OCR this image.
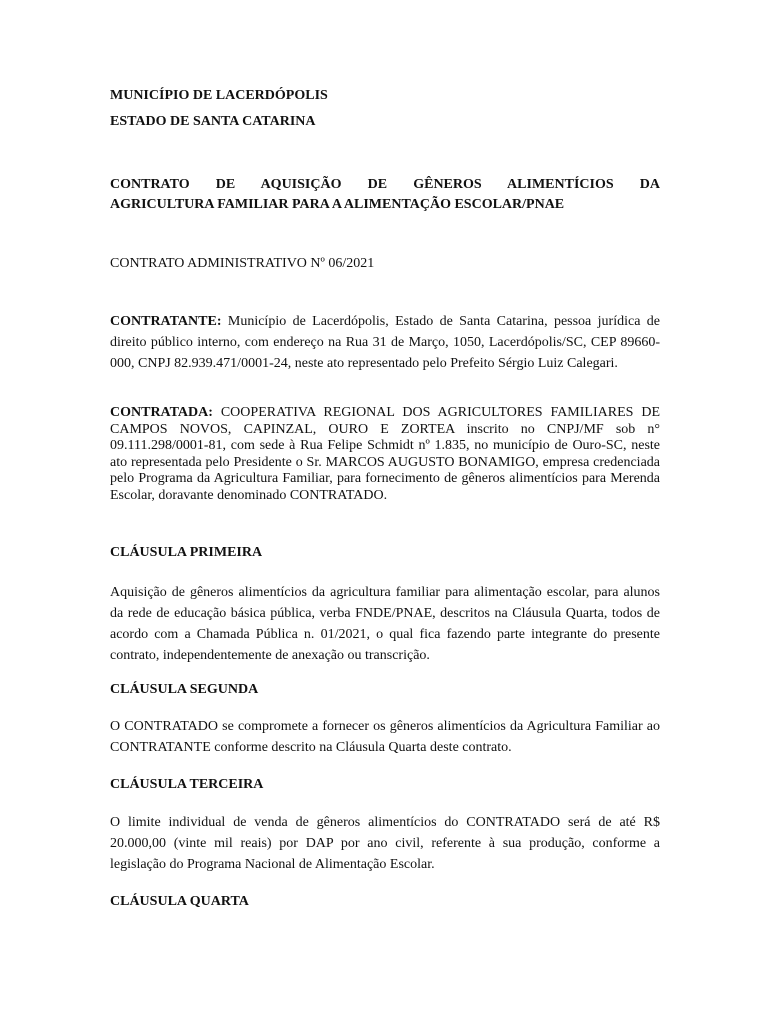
MUNICÍPIO DE LACERDÓPOLIS
ESTADO DE SANTA CATARINA
CONTRATO DE AQUISIÇÃO DE GÊNEROS ALIMENTÍCIOS DA
AGRICULTURA FAMILIAR PARA A ALIMENTAÇÃO ESCOLAR/PNAE
CONTRATO ADMINISTRATIVO Nº 06/2021
CONTRATANTE: Município de Lacerdópolis, Estado de Santa Catarina, pessoa jurídica de direito público interno, com endereço na Rua 31 de Março, 1050, Lacerdópolis/SC, CEP 89660-000, CNPJ 82.939.471/0001-24, neste ato representado pelo Prefeito Sérgio Luiz Calegari.
CONTRATADA: COOPERATIVA REGIONAL DOS AGRICULTORES FAMILIARES DE CAMPOS NOVOS, CAPINZAL, OURO E ZORTEA inscrito no CNPJ/MF sob n° 09.111.298/0001-81, com sede à Rua Felipe Schmidt nº 1.835, no município de Ouro-SC, neste ato representada pelo Presidente o Sr. MARCOS AUGUSTO BONAMIGO, empresa credenciada pelo Programa da Agricultura Familiar, para fornecimento de gêneros alimentícios para Merenda Escolar, doravante denominado CONTRATADO.
CLÁUSULA PRIMEIRA
Aquisição de gêneros alimentícios da agricultura familiar para alimentação escolar, para alunos da rede de educação básica pública, verba FNDE/PNAE, descritos na Cláusula Quarta, todos de acordo com a Chamada Pública n. 01/2021, o qual fica fazendo parte integrante do presente contrato, independentemente de anexação ou transcrição.
CLÁUSULA SEGUNDA
O CONTRATADO se compromete a fornecer os gêneros alimentícios da Agricultura Familiar ao CONTRATANTE conforme descrito na Cláusula Quarta deste contrato.
CLÁUSULA TERCEIRA
O limite individual de venda de gêneros alimentícios do CONTRATADO será de até R$ 20.000,00 (vinte mil reais) por DAP por ano civil, referente à sua produção, conforme a legislação do Programa Nacional de Alimentação Escolar.
CLÁUSULA QUARTA
